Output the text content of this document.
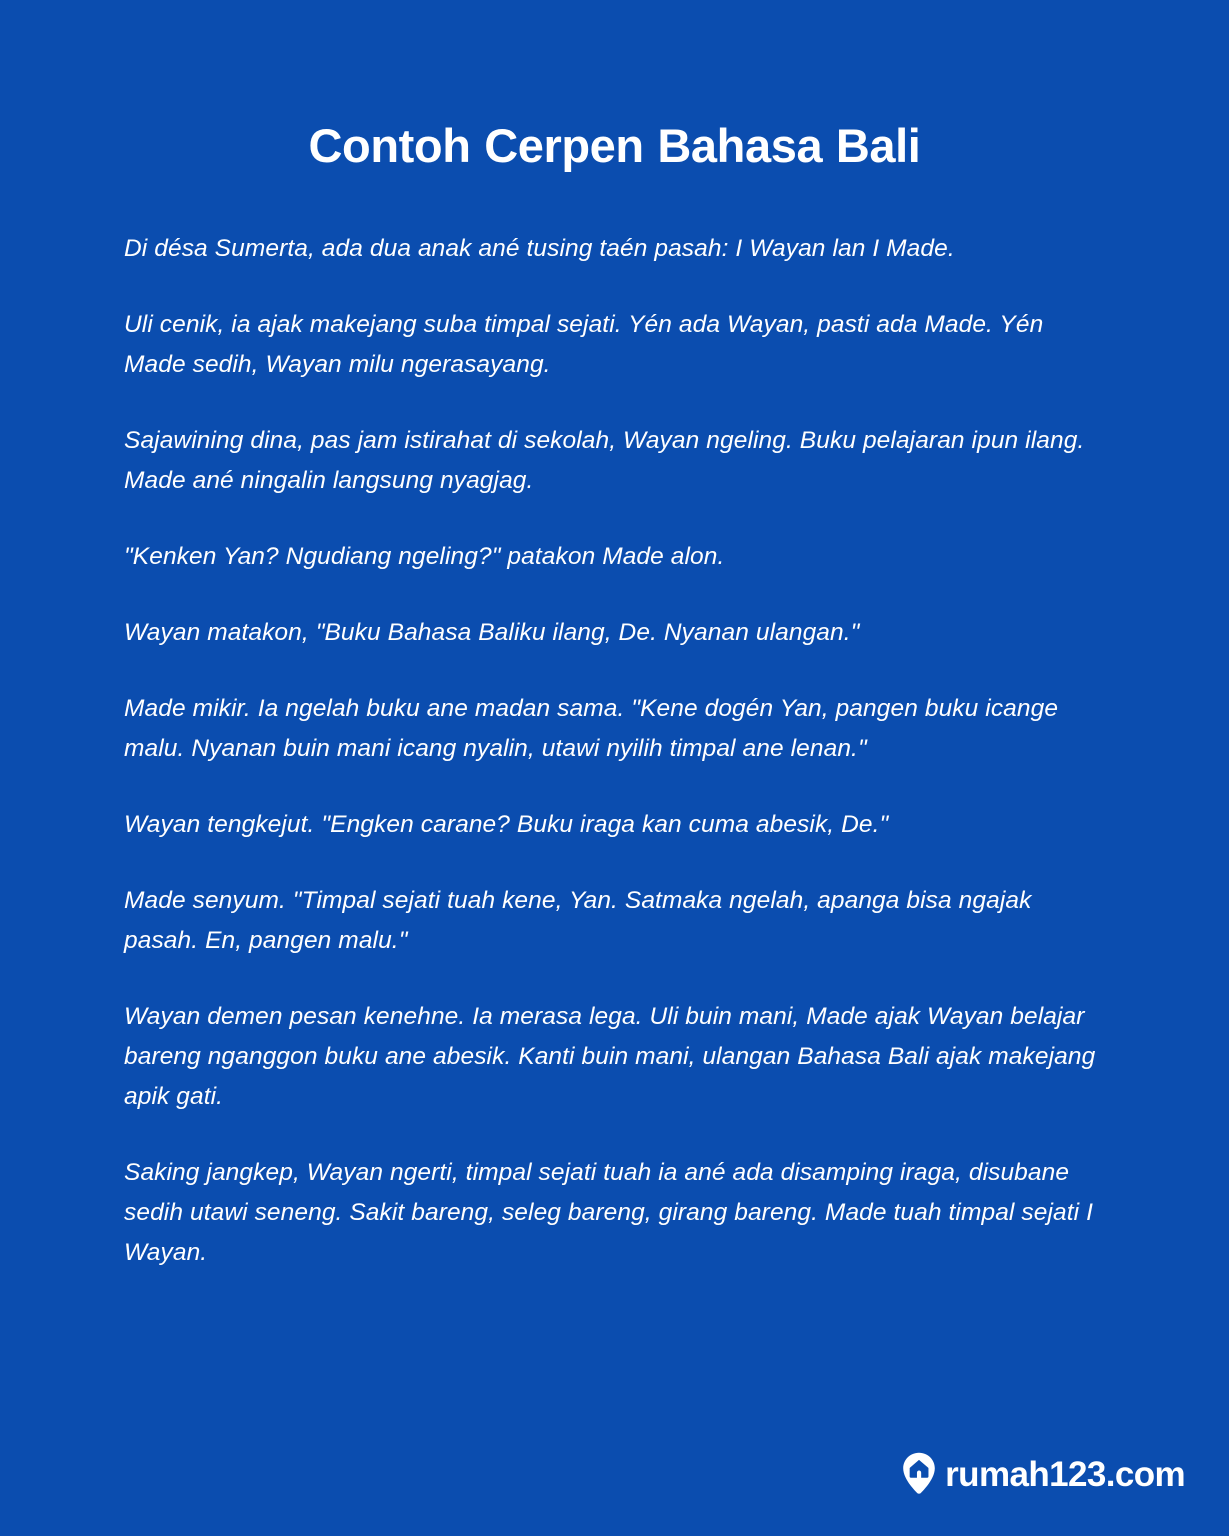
Contoh Cerpen Bahasa Bali

Di désa Sumerta, ada dua anak ané tusing taén pasah: I Wayan lan I Made.

Uli cenik, ia ajak makejang suba timpal sejati. Yén ada Wayan, pasti ada Made. Yén Made sedih, Wayan milu ngerasayang.

Sajawining dina, pas jam istirahat di sekolah, Wayan ngeling. Buku pelajaran ipun ilang. Made ané ningalin langsung nyagjag.

"Kenken Yan? Ngudiang ngeling?" patakon Made alon.

Wayan matakon, "Buku Bahasa Baliku ilang, De. Nyanan ulangan."

Made mikir. Ia ngelah buku ane madan sama. "Kene dogén Yan, pangen buku icange malu. Nyanan buin mani icang nyalin, utawi nyilih timpal ane lenan."

Wayan tengkejut. "Engken carane? Buku iraga kan cuma abesik, De."

Made senyum. "Timpal sejati tuah kene, Yan. Satmaka ngelah, apanga bisa ngajak pasah. En, pangen malu."

Wayan demen pesan kenehne. Ia merasa lega. Uli buin mani, Made ajak Wayan belajar bareng nganggon buku ane abesik. Kanti buin mani, ulangan Bahasa Bali ajak makejang apik gati.

Saking jangkep, Wayan ngerti, timpal sejati tuah ia ané ada disamping iraga, disubane sedih utawi seneng. Sakit bareng, seleg bareng, girang bareng. Made tuah timpal sejati I Wayan.

rumah123.com
